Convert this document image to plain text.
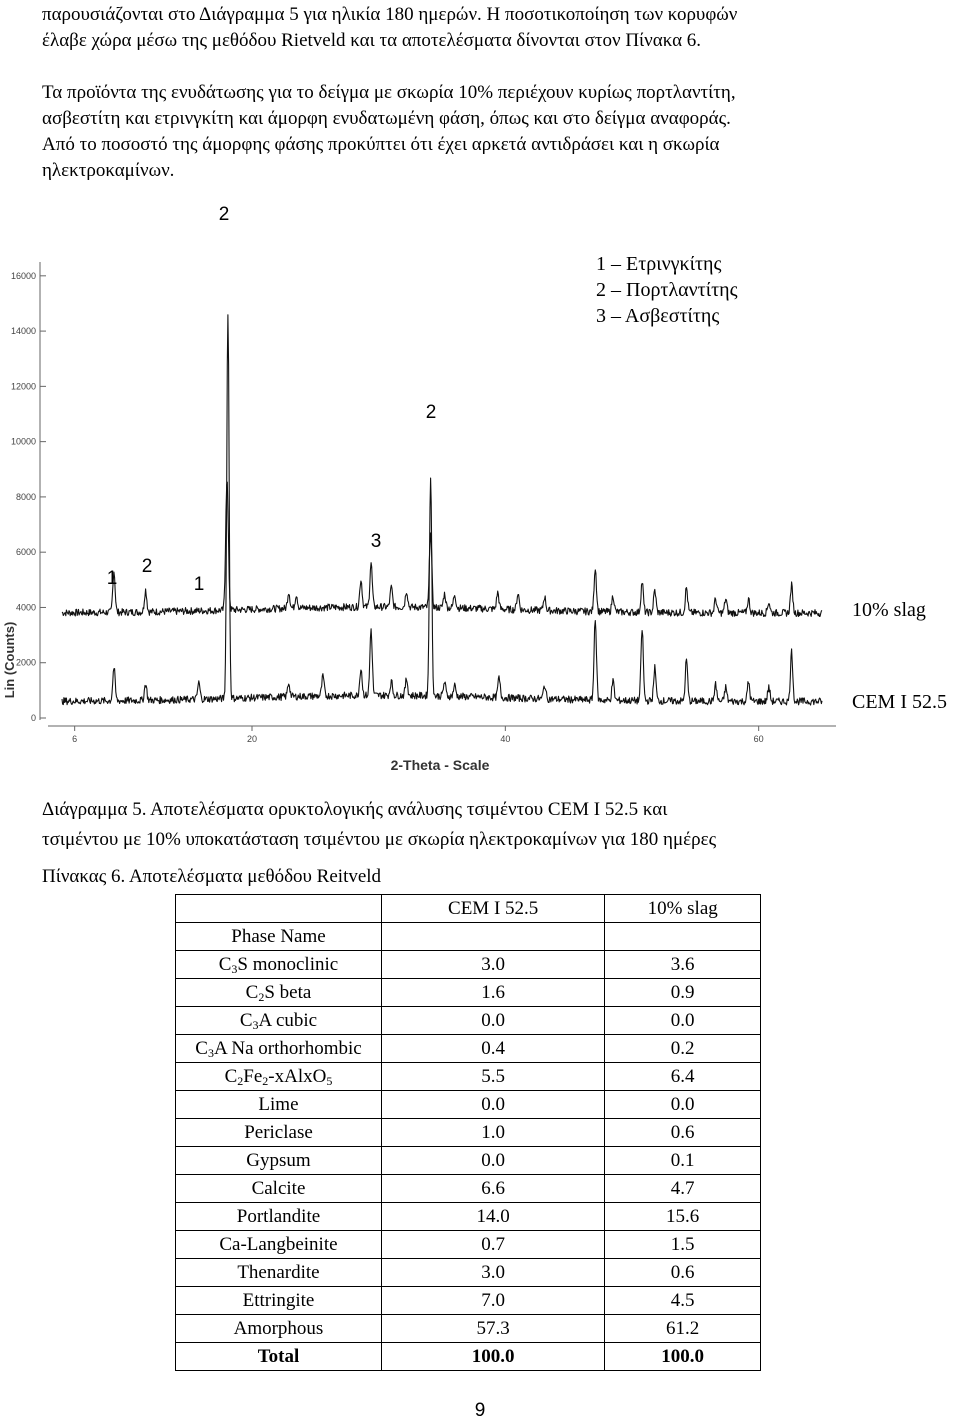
παρουσιάζονται στο Διάγραμμα 5 για ηλικία 180 ημερών. Η ποσοτικοποίηση των κορυφών
έλαβε χώρα μέσω της μεθόδου Rietveld και τα αποτελέσματα δίνονται στον Πίνακα 6.
Τα προϊόντα της ενυδάτωσης για το δείγμα με σκωρία 10% περιέχουν κυρίως πορτλαντίτη,
ασβεστίτη και ετρινγκίτη και άμορφη ενυδατωμένη φάση, όπως και στο δείγμα αναφοράς.
Από το ποσοστό της άμορφης φάσης προκύπτει ότι έχει αρκετά αντιδράσει και η σκωρία
ηλεκτροκαμίνων.
0
2000
4000
6000
8000
10000
12000
14000
16000
6	20	40	60
Lin (Counts)
2-Theta - Scale
2
1 – Ετρινγκίτης
2 – Πορτλαντίτης
3 – Ασβεστίτης
2
1
2
1
3
10% slag
CEM I 52.5
Διάγραμμα 5. Αποτελέσματα ορυκτολογικής ανάλυσης τσιμέντου CEM I 52.5 και
τσιμέντου με 10% υποκατάσταση τσιμέντου με σκωρία ηλεκτροκαμίνων για 180 ημέρες
Πίνακας 6. Αποτελέσματα μεθόδου Reitveld
	CEM I 52.5	10% slag
Phase Name		
$C_3S$ monoclinic	3.0	3.6
$C_2S$ beta	1.6	0.9
$C_3A$ cubic	0.0	0.0
$C_3A$ Na orthorhombic	0.4	0.2
$C_2Fe_2-xAlxO_5$	5.5	6.4
Lime	0.0	0.0
Periclase	1.0	0.6
Gypsum	0.0	0.1
Calcite	6.6	4.7
Portlandite	14.0	15.6
Ca-Langbeinite	0.7	1.5
Thenardite	3.0	0.6
Ettringite	7.0	4.5
Amorphous	57.3	61.2
Total	100.0	100.0
9
